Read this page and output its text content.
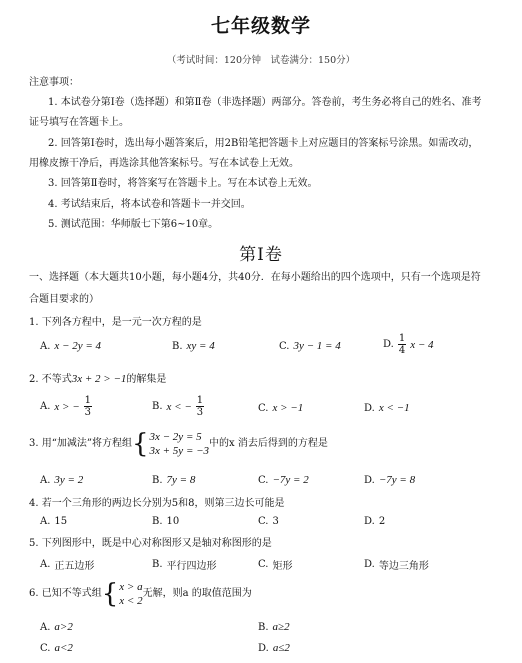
七年级数学
（考试时间：120分钟　试卷满分：150分）
注意事项：
1. 本试卷分第Ⅰ卷（选择题）和第Ⅱ卷（非选择题）两部分。答卷前，考生务必将自己的姓名、准考
证号填写在答题卡上。
2. 回答第Ⅰ卷时，选出每小题答案后，用2B铅笔把答题卡上对应题目的答案标号涂黑。如需改动，
用橡皮擦干净后，再选涂其他答案标号。写在本试卷上无效。
3. 回答第Ⅱ卷时，将答案写在答题卡上。写在本试卷上无效。
4. 考试结束后，将本试卷和答题卡一并交回。
5. 测试范围：华师版七下第6~10章。
第Ⅰ卷
一、选择题（本大题共10小题，每小题4分，共40分．在每小题给出的四个选项中，只有一个选项是符
合题目要求的）
1. 下列各方程中，是一元一次方程的是
A. x − 2y = 4	B. xy = 4	C. 3y − 1 = 4	D. $\frac{1}{4}$ x − 4
2. 不等式3x + 2 > −1的解集是
A. x > − $\frac{1}{3}$	B. x < − $\frac{1}{3}$	C. x > −1	D. x < −1
3. 用“加减法”将方程组 { 3x − 2y = 5
3x + 5y = −3
中的x 消去后得到的方程是
A. 3y = 2	B. 7y = 8	C. −7y = 2	D. −7y = 8
4. 若一个三角形的两边长分别为5和8，则第三边长可能是
A. 15	B. 10	C. 3	D. 2
5. 下列图形中，既是中心对称图形又是轴对称图形的是
A. 正五边形	B. 平行四边形	C. 矩形	D. 等边三角形
6. 已知不等式组 { x > a
x < 2
无解，则a 的取值范围为
A. a>2	B. a≥2
C. a<2	D. a≤2
